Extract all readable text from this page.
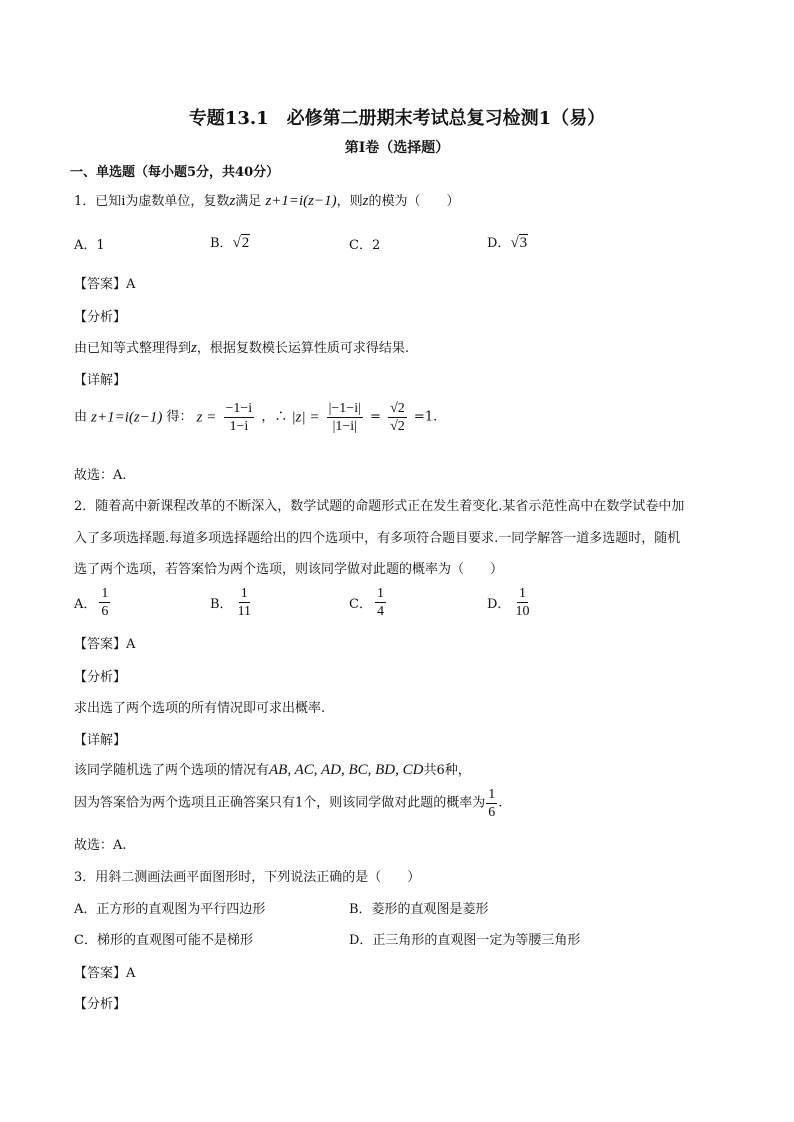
专题13.1　必修第二册期末考试总复习检测1（易）
第Ⅰ卷（选择题）
一、单选题（每小题5分，共40分）
1．已知i为虚数单位，复数z满足 z+1=i(z−1)，则z的模为（　　）
A．1	B．√2	C．2	D．√3
【答案】A
【分析】
由已知等式整理得到z，根据复数模长运算性质可求得结果.
【详解】
由 z+1=i(z−1) 得： $z = \frac{-1-i}{1-i}$ ，∴ $|z| = \frac{|-1-i|}{|1-i|} = \frac{√2}{√2} =1$.
故选：A.
2．随着高中新课程改革的不断深入，数学试题的命题形式正在发生着变化.某省示范性高中在数学试卷中加
入了多项选择题.每道多项选择题给出的四个选项中，有多项符合题目要求.一同学解答一道多选题时，随机
选了两个选项，若答案恰为两个选项，则该同学做对此题的概率为（　　）
A． $\frac{1}{6}$	B． $\frac{1}{11}$	C． $\frac{1}{4}$	D． $\frac{1}{10}$
【答案】A
【分析】
求出选了两个选项的所有情况即可求出概率.
【详解】
该同学随机选了两个选项的情况有AB, AC, AD, BC, BD, CD共6种，
因为答案恰为两个选项且正确答案只有1个，则该同学做对此题的概率为 $\frac{1}{6}$ .
故选：A.
3．用斜二测画法画平面图形时，下列说法正确的是（　　）
A．正方形的直观图为平行四边形	B．菱形的直观图是菱形
C．梯形的直观图可能不是梯形	D．正三角形的直观图一定为等腰三角形
【答案】A
【分析】
